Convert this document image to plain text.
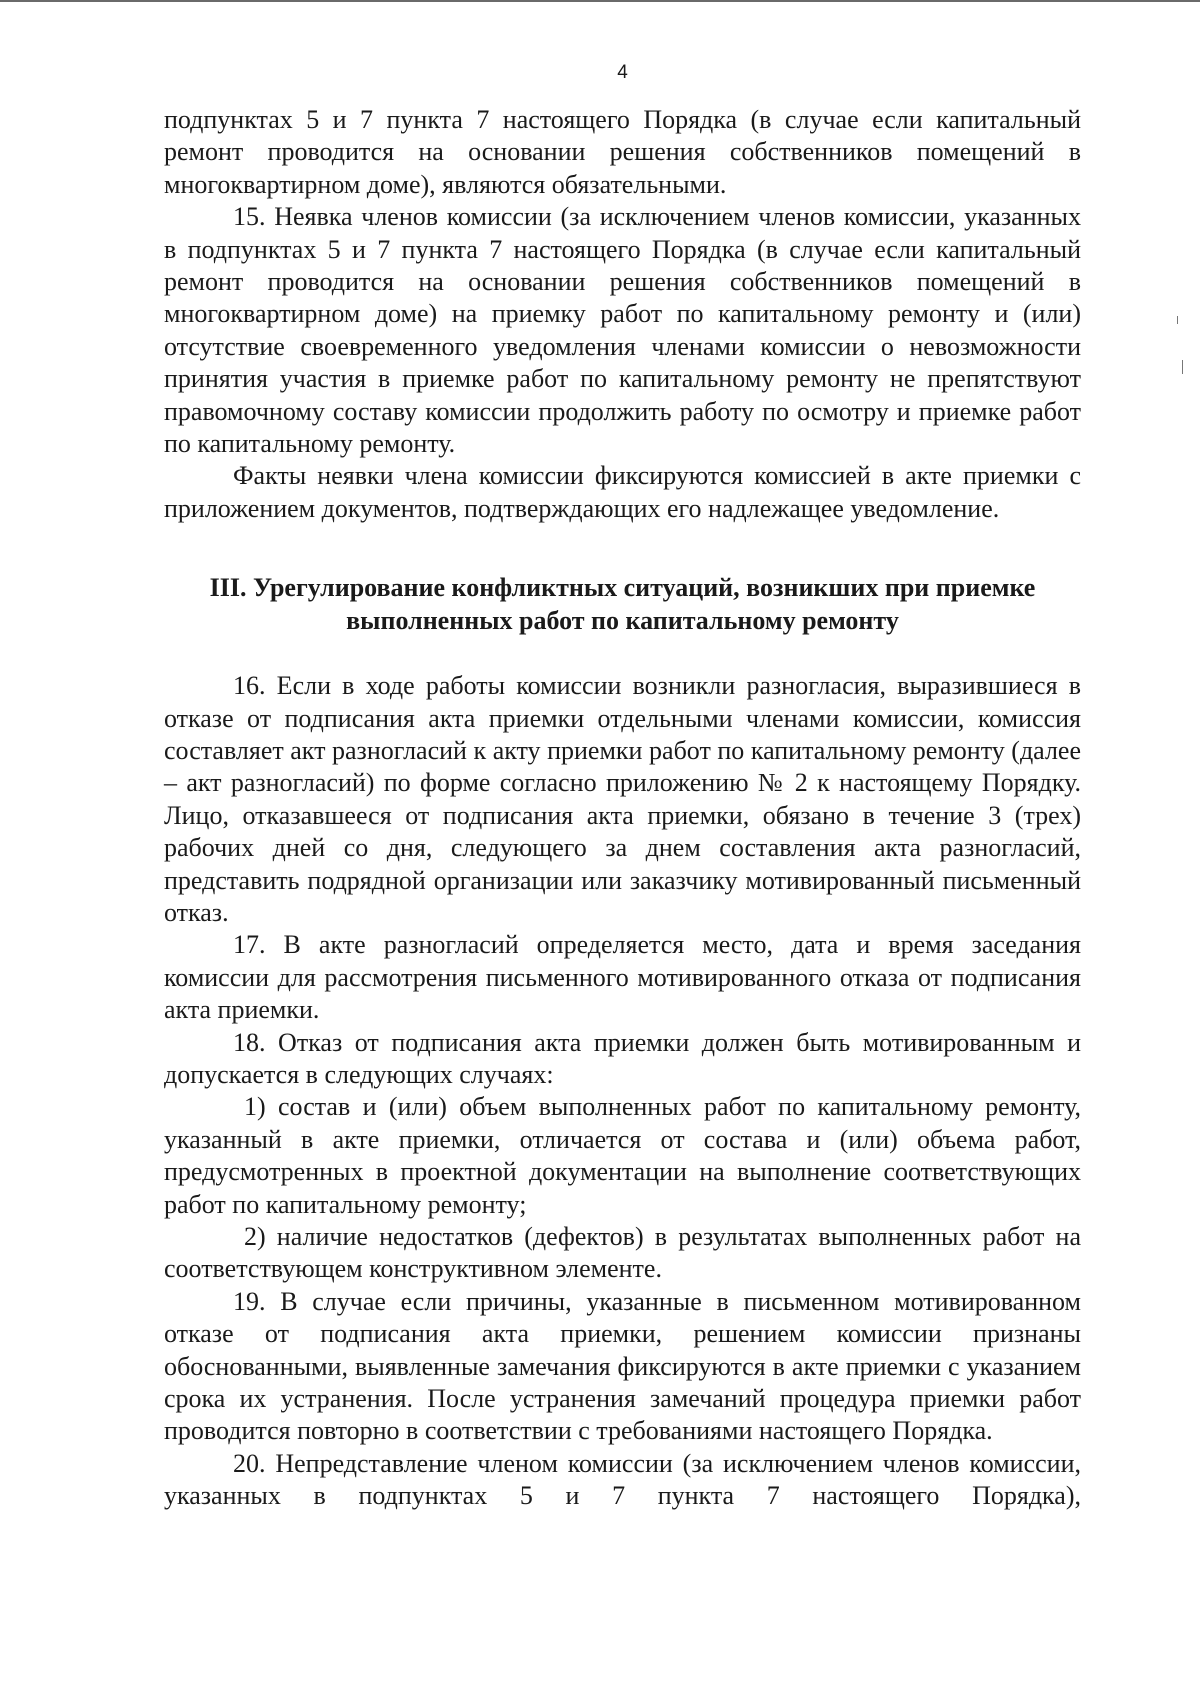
4

подпунктах 5 и 7 пункта 7 настоящего Порядка (в случае если капитальный ремонт проводится на основании решения собственников помещений в многоквартирном доме), являются обязательными.

15. Неявка членов комиссии (за исключением членов комиссии, указанных в подпунктах 5 и 7 пункта 7 настоящего Порядка (в случае если капитальный ремонт проводится на основании решения собственников помещений в многоквартирном доме) на приемку работ по капитальному ремонту и (или) отсутствие своевременного уведомления членами комиссии о невозможности принятия участия в приемке работ по капитальному ремонту не препятствуют правомочному составу комиссии продолжить работу по осмотру и приемке работ по капитальному ремонту.

Факты неявки члена комиссии фиксируются комиссией в акте приемки с приложением документов, подтверждающих его надлежащее уведомление.

III. Урегулирование конфликтных ситуаций, возникших при приемке

выполненных работ по капитальному ремонту

16. Если в ходе работы комиссии возникли разногласия, выразившиеся в отказе от подписания акта приемки отдельными членами комиссии, комиссия составляет акт разногласий к акту приемки работ по капитальному ремонту (далее – акт разногласий) по форме согласно приложению № 2 к настоящему Порядку. Лицо, отказавшееся от подписания акта приемки, обязано в течение 3 (трех) рабочих дней со дня, следующего за днем составления акта разногласий, представить подрядной организации или заказчику мотивированный письменный отказ.

17. В акте разногласий определяется место, дата и время заседания комиссии для рассмотрения письменного мотивированного отказа от подписания акта приемки.

18. Отказ от подписания акта приемки должен быть мотивированным и допускается в следующих случаях:

1) состав и (или) объем выполненных работ по капитальному ремонту, указанный в акте приемки, отличается от состава и (или) объема работ, предусмотренных в проектной документации на выполнение соответствующих работ по капитальному ремонту;

2) наличие недостатков (дефектов) в результатах выполненных работ на соответствующем конструктивном элементе.

19. В случае если причины, указанные в письменном мотивированном отказе от подписания акта приемки, решением комиссии признаны обоснованными, выявленные замечания фиксируются в акте приемки с указанием срока их устранения. После устранения замечаний процедура приемки работ проводится повторно в соответствии с требованиями настоящего Порядка.

20. Непредставление членом комиссии (за исключением членов комиссии, указанных в подпунктах 5 и 7 пункта 7 настоящего Порядка),
